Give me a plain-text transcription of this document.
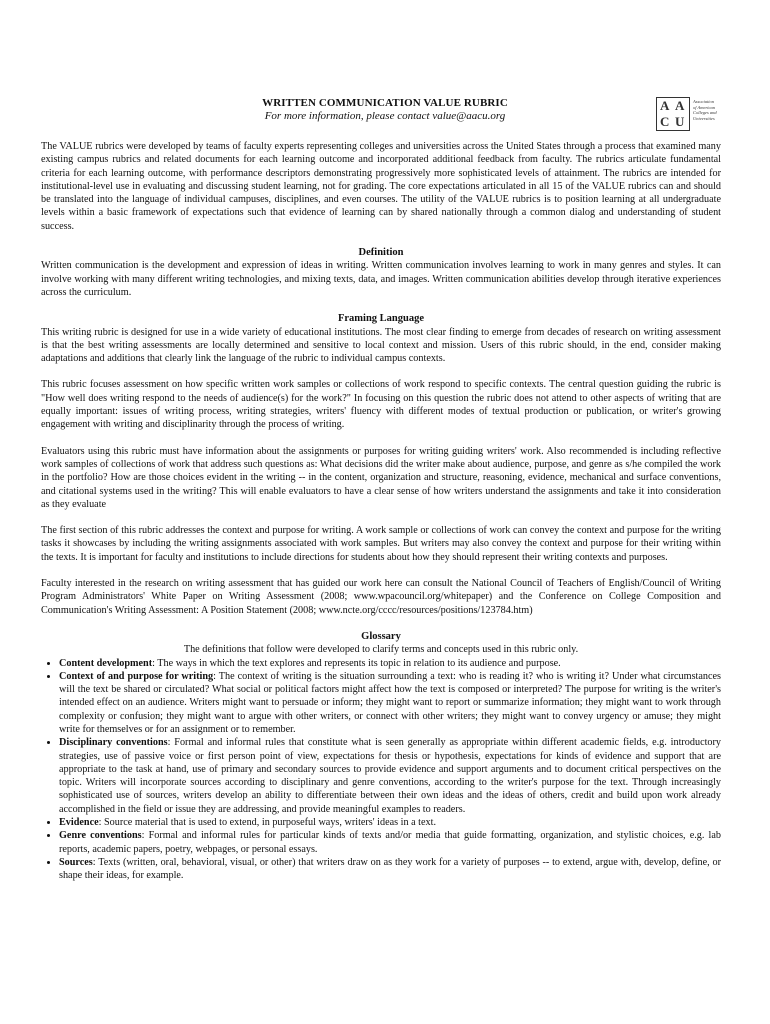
WRITTEN COMMUNICATION VALUE RUBRIC
For more information, please contact value@aacu.org
A A
C U
Association
of American
Colleges and
Universities

The VALUE rubrics were developed by teams of faculty experts representing colleges and universities across the United States through a process that examined many existing campus rubrics and related documents for each learning outcome and incorporated additional feedback from faculty. The rubrics articulate fundamental criteria for each learning outcome, with performance descriptors demonstrating progressively more sophisticated levels of attainment. The rubrics are intended for institutional-level use in evaluating and discussing student learning, not for grading. The core expectations articulated in all 15 of the VALUE rubrics can and should be translated into the language of individual campuses, disciplines, and even courses. The utility of the VALUE rubrics is to position learning at all undergraduate levels within a basic framework of expectations such that evidence of learning can by shared nationally through a common dialog and understanding of student success.

Definition

Written communication is the development and expression of ideas in writing. Written communication involves learning to work in many genres and styles. It can involve working with many different writing technologies, and mixing texts, data, and images. Written communication abilities develop through iterative experiences across the curriculum.

Framing Language

This writing rubric is designed for use in a wide variety of educational institutions. The most clear finding to emerge from decades of research on writing assessment is that the best writing assessments are locally determined and sensitive to local context and mission. Users of this rubric should, in the end, consider making adaptations and additions that clearly link the language of the rubric to individual campus contexts.

This rubric focuses assessment on how specific written work samples or collections of work respond to specific contexts. The central question guiding the rubric is "How well does writing respond to the needs of audience(s) for the work?" In focusing on this question the rubric does not attend to other aspects of writing that are equally important: issues of writing process, writing strategies, writers' fluency with different modes of textual production or publication, or writer's growing engagement with writing and disciplinarity through the process of writing.

Evaluators using this rubric must have information about the assignments or purposes for writing guiding writers' work. Also recommended is including reflective work samples of collections of work that address such questions as: What decisions did the writer make about audience, purpose, and genre as s/he compiled the work in the portfolio? How are those choices evident in the writing -- in the content, organization and structure, reasoning, evidence, mechanical and surface conventions, and citational systems used in the writing? This will enable evaluators to have a clear sense of how writers understand the assignments and take it into consideration as they evaluate

The first section of this rubric addresses the context and purpose for writing. A work sample or collections of work can convey the context and purpose for the writing tasks it showcases by including the writing assignments associated with work samples. But writers may also convey the context and purpose for their writing within the texts. It is important for faculty and institutions to include directions for students about how they should represent their writing contexts and purposes.

Faculty interested in the research on writing assessment that has guided our work here can consult the National Council of Teachers of English/Council of Writing Program Administrators' White Paper on Writing Assessment (2008; www.wpacouncil.org/whitepaper) and the Conference on College Composition and Communication's Writing Assessment: A Position Statement (2008; www.ncte.org/cccc/resources/positions/123784.htm)

Glossary
The definitions that follow were developed to clarify terms and concepts used in this rubric only.
• Content development: The ways in which the text explores and represents its topic in relation to its audience and purpose.
• Context of and purpose for writing: The context of writing is the situation surrounding a text: who is reading it? who is writing it? Under what circumstances will the text be shared or circulated? What social or political factors might affect how the text is composed or interpreted? The purpose for writing is the writer's intended effect on an audience. Writers might want to persuade or inform; they might want to report or summarize information; they might want to work through complexity or confusion; they might want to argue with other writers, or connect with other writers; they might want to convey urgency or amuse; they might write for themselves or for an assignment or to remember.
• Disciplinary conventions: Formal and informal rules that constitute what is seen generally as appropriate within different academic fields, e.g. introductory strategies, use of passive voice or first person point of view, expectations for thesis or hypothesis, expectations for kinds of evidence and support that are appropriate to the task at hand, use of primary and secondary sources to provide evidence and support arguments and to document critical perspectives on the topic. Writers will incorporate sources according to disciplinary and genre conventions, according to the writer's purpose for the text. Through increasingly sophisticated use of sources, writers develop an ability to differentiate between their own ideas and the ideas of others, credit and build upon work already accomplished in the field or issue they are addressing, and provide meaningful examples to readers.
• Evidence: Source material that is used to extend, in purposeful ways, writers' ideas in a text.
• Genre conventions: Formal and informal rules for particular kinds of texts and/or media that guide formatting, organization, and stylistic choices, e.g. lab reports, academic papers, poetry, webpages, or personal essays.
• Sources: Texts (written, oral, behavioral, visual, or other) that writers draw on as they work for a variety of purposes -- to extend, argue with, develop, define, or shape their ideas, for example.
